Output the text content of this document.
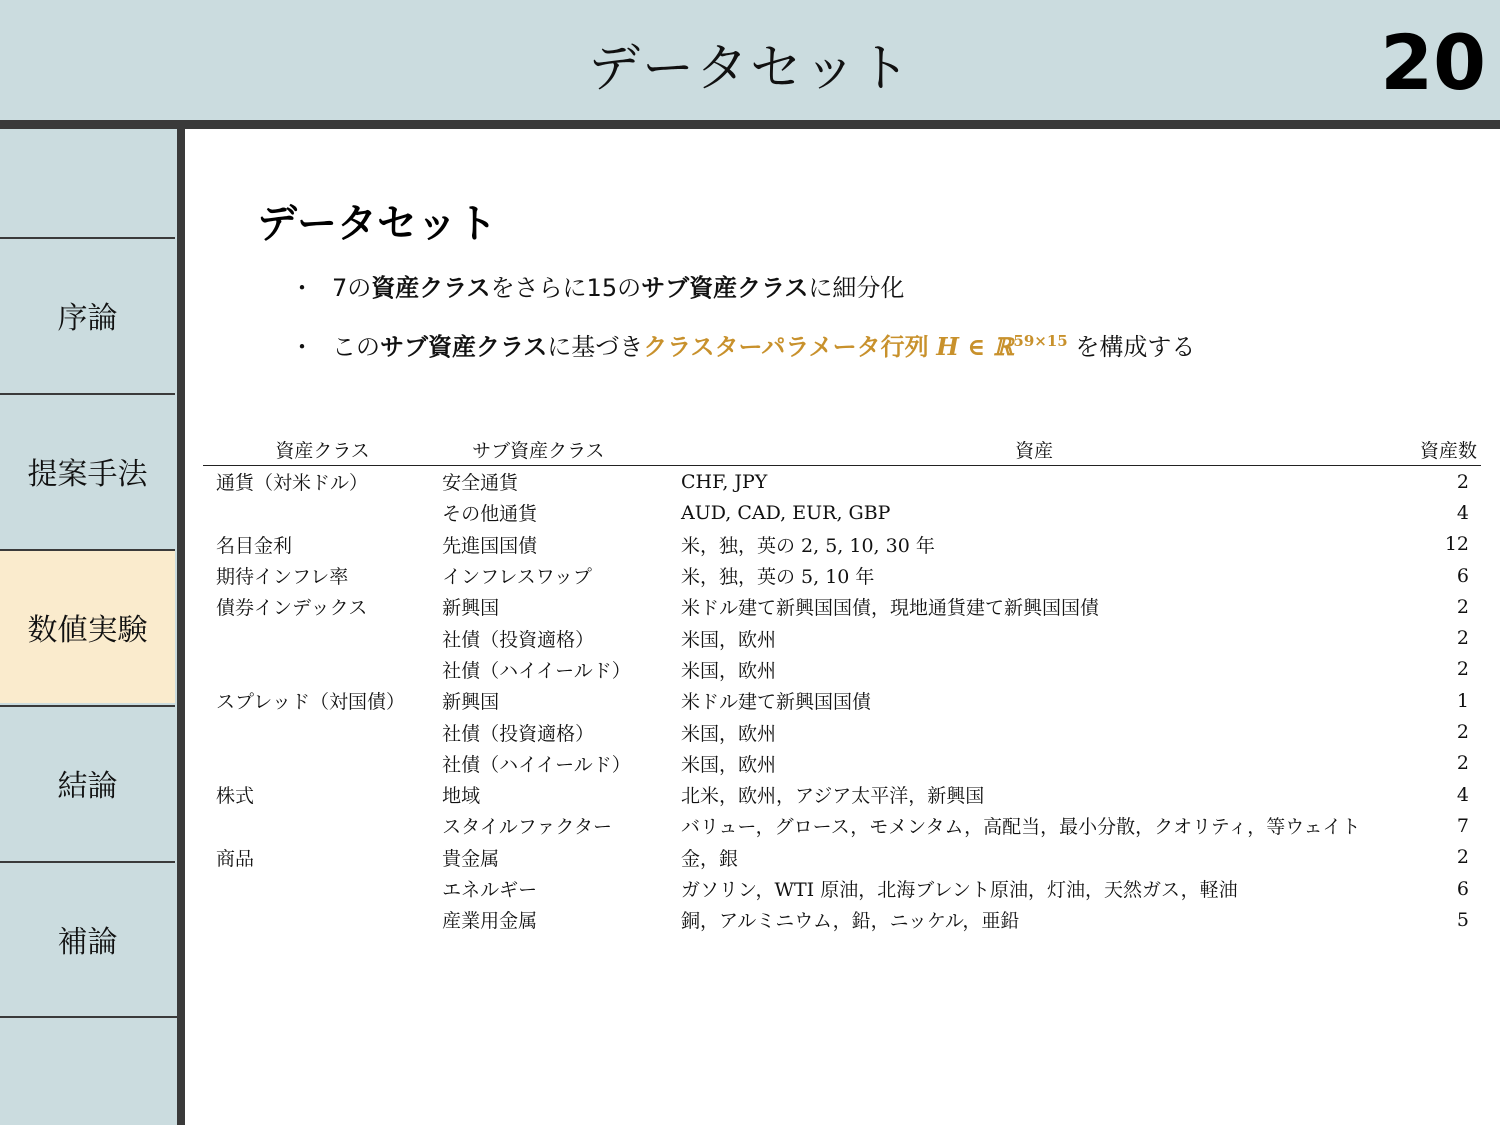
データセット	20
序論
提案手法
数値実験
結論
補論
データセット
・ 7の資産クラスをさらに15のサブ資産クラスに細分化
・ このサブ資産クラスに基づきクラスターパラメータ行列 𝑯 ∈ ℝ$^{59\times 15}$ を構成する
資産クラス	サブ資産クラス	資産	資産数
通貨（対米ドル）	安全通貨	CHF, JPY	2
	その他通貨	AUD, CAD, EUR, GBP	4
名目金利	先進国国債	米，独，英の 2, 5, 10, 30 年	12
期待インフレ率	インフレスワップ	米，独，英の 5, 10 年	6
債券インデックス	新興国	米ドル建て新興国国債，現地通貨建て新興国国債	2
	社債（投資適格）	米国，欧州	2
	社債（ハイイールド）	米国，欧州	2
スプレッド（対国債）	新興国	米ドル建て新興国国債	1
	社債（投資適格）	米国，欧州	2
	社債（ハイイールド）	米国，欧州	2
株式	地域	北米，欧州，アジア太平洋，新興国	4
	スタイルファクター	バリュー，グロース，モメンタム，高配当，最小分散，クオリティ，等ウェイト	7
商品	貴金属	金，銀	2
	エネルギー	ガソリン，WTI 原油，北海ブレント原油，灯油，天然ガス，軽油	6
	産業用金属	銅，アルミニウム，鉛，ニッケル，亜鉛	5
